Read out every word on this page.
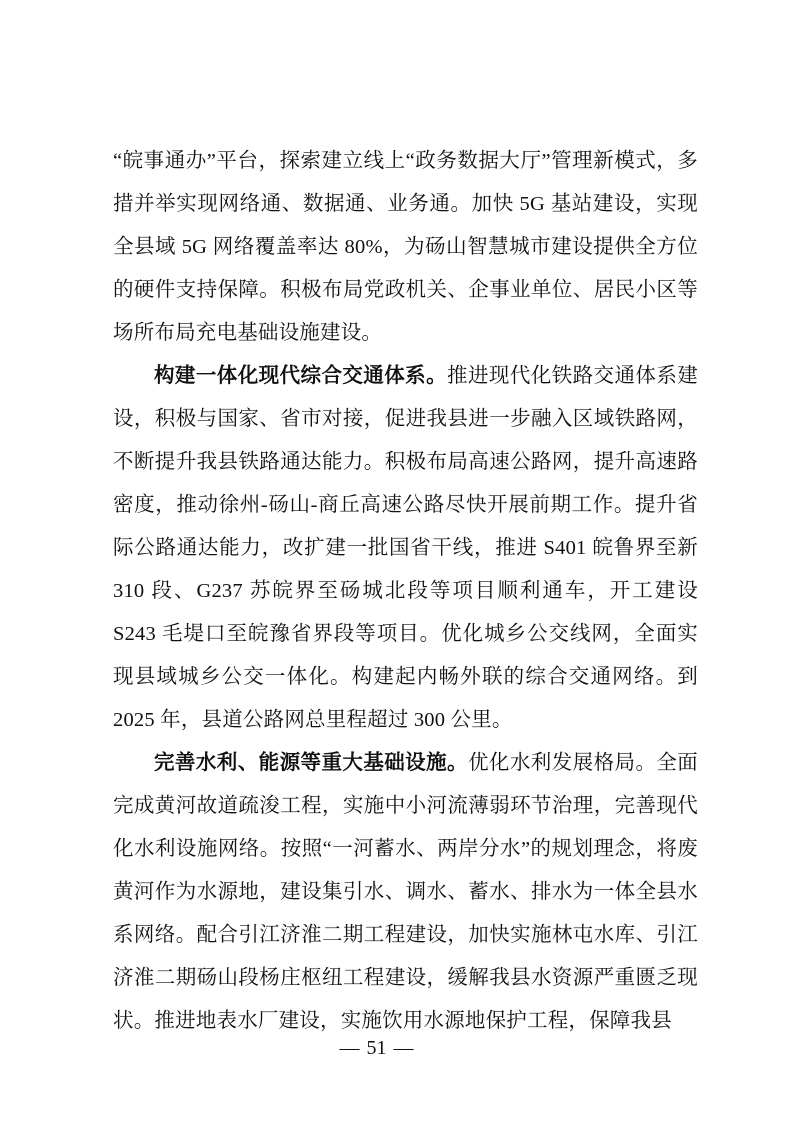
“皖事通办”平台，探索建立线上“政务数据大厅”管理新模式，多措并举实现网络通、数据通、业务通。加快 5G 基站建设，实现全县域 5G 网络覆盖率达 80%，为砀山智慧城市建设提供全方位的硬件支持保障。积极布局党政机关、企事业单位、居民小区等场所布局充电基础设施建设。

构建一体化现代综合交通体系。推进现代化铁路交通体系建设，积极与国家、省市对接，促进我县进一步融入区域铁路网，不断提升我县铁路通达能力。积极布局高速公路网，提升高速路密度，推动徐州-砀山-商丘高速公路尽快开展前期工作。提升省际公路通达能力，改扩建一批国省干线，推进 S401 皖鲁界至新 310 段、G237 苏皖界至砀城北段等项目顺利通车，开工建设 S243 毛堤口至皖豫省界段等项目。优化城乡公交线网，全面实现县域城乡公交一体化。构建起内畅外联的综合交通网络。到 2025 年，县道公路网总里程超过 300 公里。

完善水利、能源等重大基础设施。优化水利发展格局。全面完成黄河故道疏浚工程，实施中小河流薄弱环节治理，完善现代化水利设施网络。按照“一河蓄水、两岸分水”的规划理念，将废黄河作为水源地，建设集引水、调水、蓄水、排水为一体全县水系网络。配合引江济淮二期工程建设，加快实施林屯水库、引江济淮二期砀山段杨庄枢纽工程建设，缓解我县水资源严重匮乏现状。推进地表水厂建设，实施饮用水源地保护工程，保障我县

— 51 —
